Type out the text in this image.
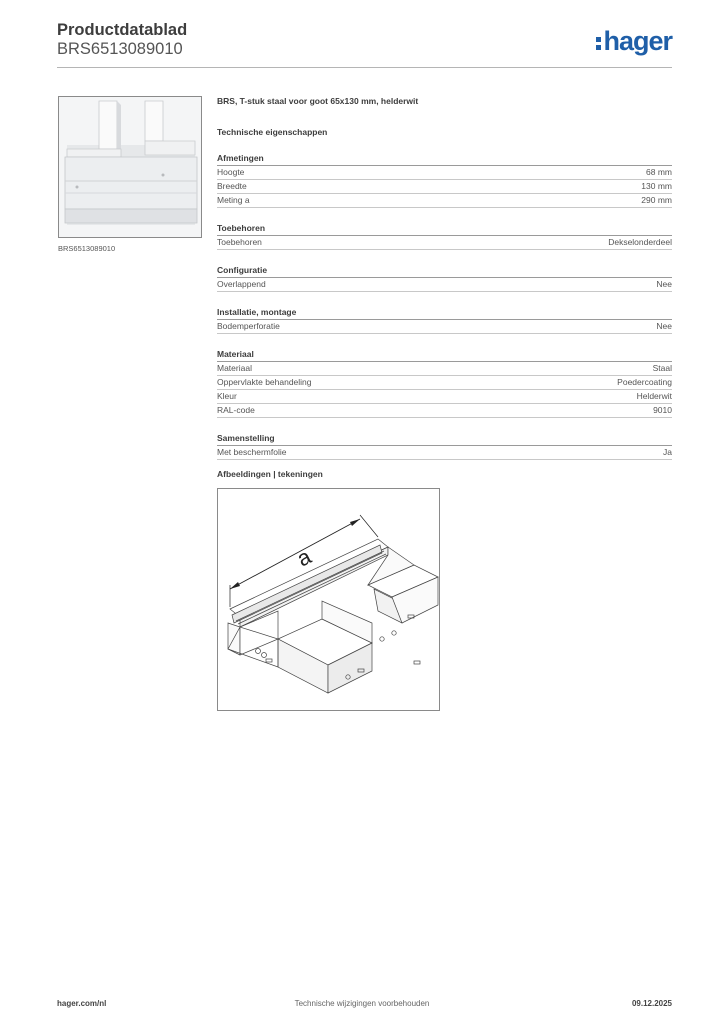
Productdatablad
BRS6513089010	hager
BRS6513089010
BRS, T-stuk staal voor goot 65x130 mm, helderwit
Technische eigenschappen
Afmetingen
Hoogte	68 mm
Breedte	130 mm
Meting a	290 mm
Toebehoren
Toebehoren	Dekselonderdeel
Configuratie
Overlappend	Nee
Installatie, montage
Bodemperforatie	Nee
Materiaal
Materiaal	Staal
Oppervlakte behandeling	Poedercoating
Kleur	Helderwit
RAL-code	9010
Samenstelling
Met beschermfolie	Ja
Afbeeldingen | tekeningen
a
hager.com/nl	Technische wijzigingen voorbehouden	09.12.2025
